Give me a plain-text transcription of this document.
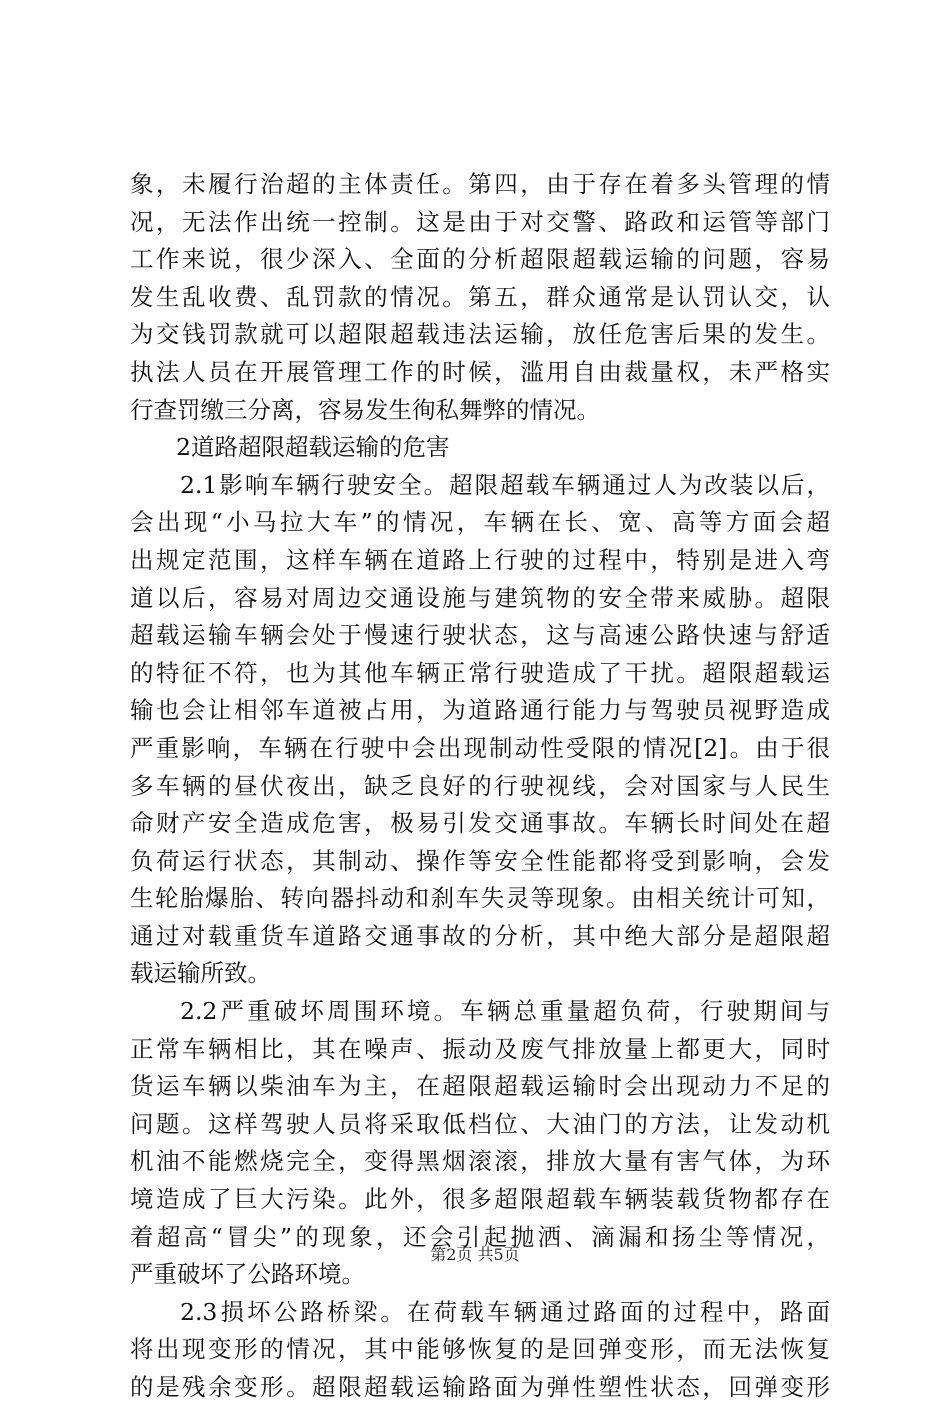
象，未履行治超的主体责任。第四，由于存在着多头管理的情
况，无法作出统一控制。这是由于对交警、路政和运管等部门
工作来说，很少深入、全面的分析超限超载运输的问题，容易
发生乱收费、乱罚款的情况。第五，群众通常是认罚认交，认
为交钱罚款就可以超限超载违法运输，放任危害后果的发生。
执法人员在开展管理工作的时候，滥用自由裁量权，未严格实
行查罚缴三分离，容易发生徇私舞弊的情况。
2道路超限超载运输的危害
2.1影响车辆行驶安全。超限超载车辆通过人为改装以后，
会出现“小马拉大车”的情况，车辆在长、宽、高等方面会超
出规定范围，这样车辆在道路上行驶的过程中，特别是进入弯
道以后，容易对周边交通设施与建筑物的安全带来威胁。超限
超载运输车辆会处于慢速行驶状态，这与高速公路快速与舒适
的特征不符，也为其他车辆正常行驶造成了干扰。超限超载运
输也会让相邻车道被占用，为道路通行能力与驾驶员视野造成
严重影响，车辆在行驶中会出现制动性受限的情况[2]。由于很
多车辆的昼伏夜出，缺乏良好的行驶视线，会对国家与人民生
命财产安全造成危害，极易引发交通事故。车辆长时间处在超
负荷运行状态，其制动、操作等安全性能都将受到影响，会发
生轮胎爆胎、转向器抖动和刹车失灵等现象。由相关统计可知，
通过对载重货车道路交通事故的分析，其中绝大部分是超限超
载运输所致。
2.2严重破坏周围环境。车辆总重量超负荷，行驶期间与
正常车辆相比，其在噪声、振动及废气排放量上都更大，同时
货运车辆以柴油车为主，在超限超载运输时会出现动力不足的
问题。这样驾驶人员将采取低档位、大油门的方法，让发动机
机油不能燃烧完全，变得黑烟滚滚，排放大量有害气体，为环
境造成了巨大污染。此外，很多超限超载车辆装载货物都存在
着超高“冒尖”的现象，还会引起抛洒、滴漏和扬尘等情况，
严重破坏了公路环境。
2.3损坏公路桥梁。在荷载车辆通过路面的过程中，路面
将出现变形的情况，其中能够恢复的是回弹变形，而无法恢复
的是残余变形。超限超载运输路面为弹性塑性状态，回弹变形
第2页 共5页
